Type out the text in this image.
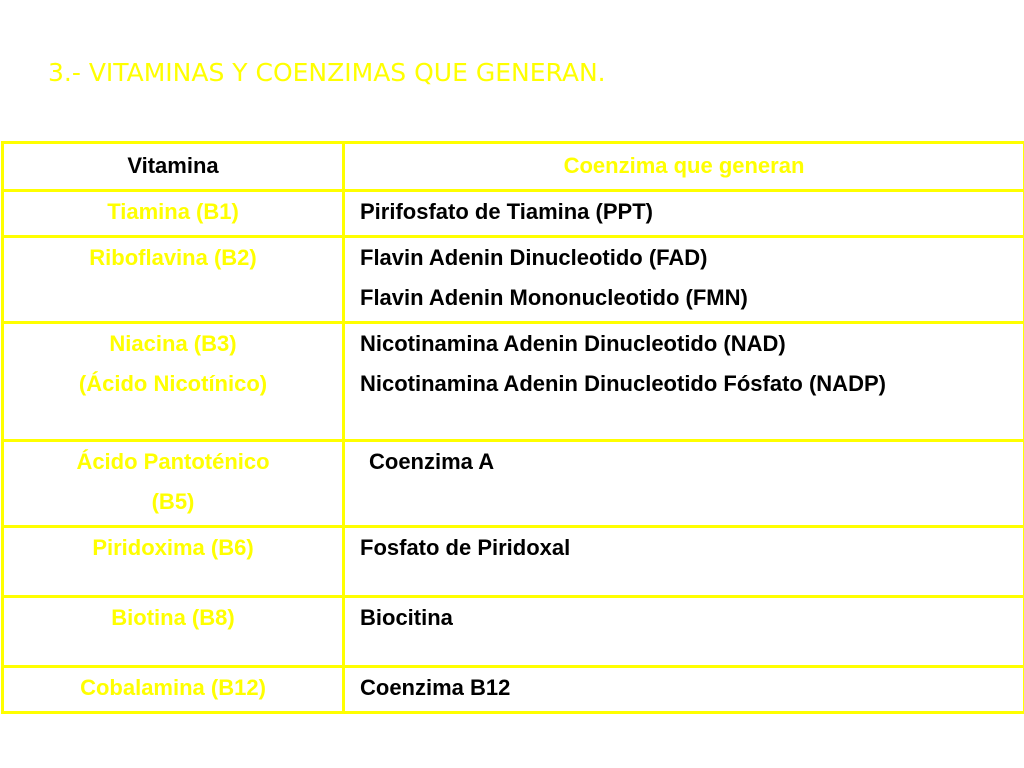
3.- VITAMINAS Y COENZIMAS QUE GENERAN.
Vitamina	Coenzima que generan

Tiamina (B1)	Pirifosfato de Tiamina (PPT)

Riboflavina (B2)	Flavin Adenin Dinucleotido (FAD)
Flavin Adenin Mononucleotido (FMN)

Niacina (B3)
(Ácido Nicotínico)	Nicotinamina Adenin Dinucleotido (NAD)
Nicotinamina Adenin Dinucleotido Fósfato (NADP)

Ácido Pantoténico
(B5)	Coenzima A

Piridoxima (B6)	Fosfato de Piridoxal

Biotina (B8)	Biocitina

Cobalamina (B12)	Coenzima B12
